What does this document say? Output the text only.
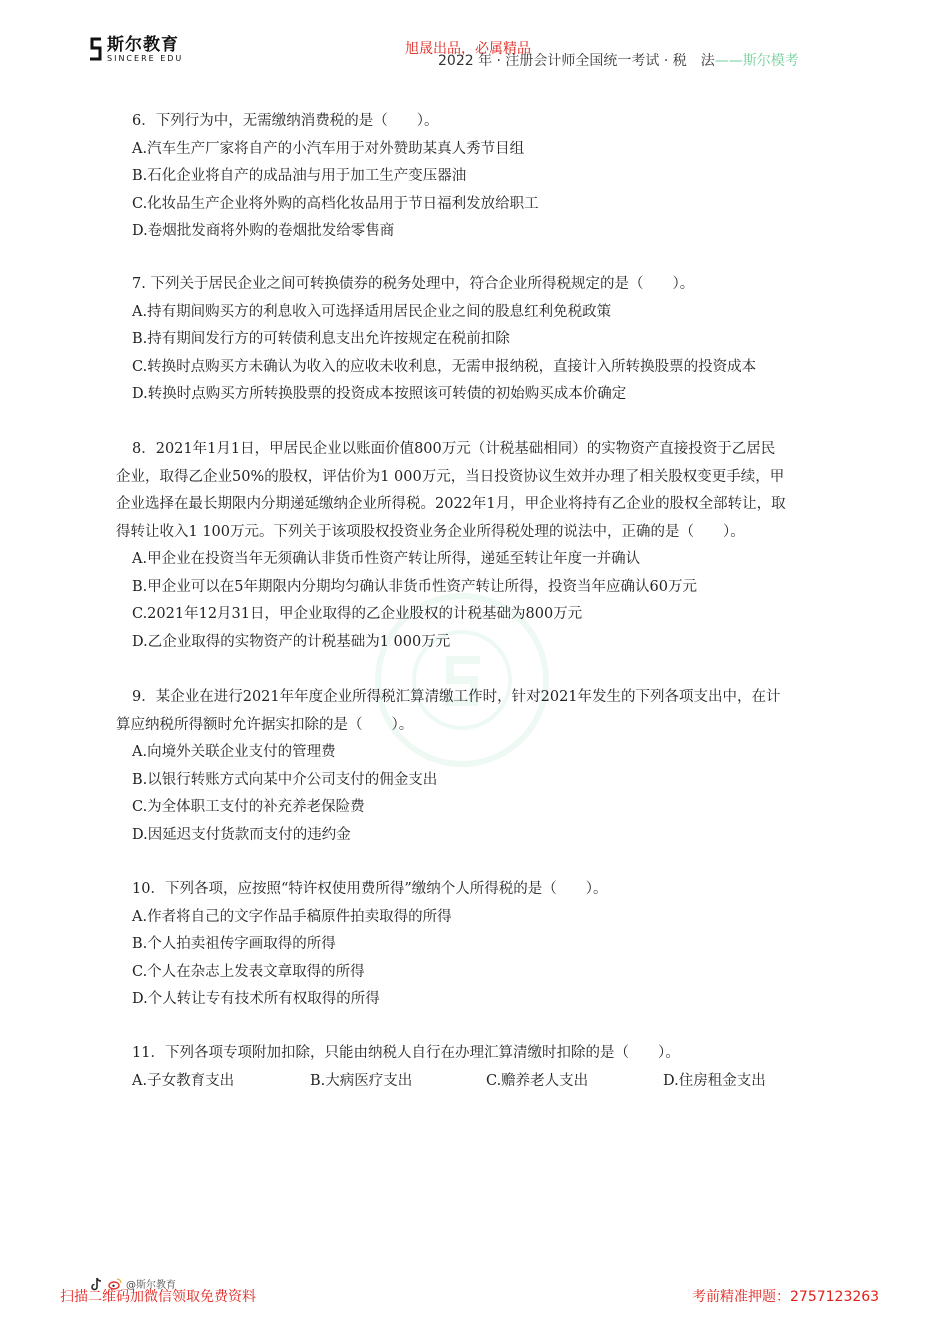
斯尔教育
SINCERE EDU
旭晟出品，必属精品
2022 年 · 注册会计师全国统一考试 · 税　法——斯尔模考
6．下列行为中，无需缴纳消费税的是（　　）。
A.汽车生产厂家将自产的小汽车用于对外赞助某真人秀节目组
B.石化企业将自产的成品油与用于加工生产变压器油
C.化妆品生产企业将外购的高档化妆品用于节日福利发放给职工
D.卷烟批发商将外购的卷烟批发给零售商
7. 下列关于居民企业之间可转换债券的税务处理中，符合企业所得税规定的是（　　）。
A.持有期间购买方的利息收入可选择适用居民企业之间的股息红利免税政策
B.持有期间发行方的可转债利息支出允许按规定在税前扣除
C.转换时点购买方未确认为收入的应收未收利息，无需申报纳税，直接计入所转换股票的投资成本
D.转换时点购买方所转换股票的投资成本按照该可转债的初始购买成本价确定
8．2021年1月1日，甲居民企业以账面价值800万元（计税基础相同）的实物资产直接投资于乙居民
企业，取得乙企业50%的股权，评估价为1 000万元，当日投资协议生效并办理了相关股权变更手续，甲
企业选择在最长期限内分期递延缴纳企业所得税。2022年1月，甲企业将持有乙企业的股权全部转让，取
得转让收入1 100万元。下列关于该项股权投资业务企业所得税处理的说法中，正确的是（　　）。
A.甲企业在投资当年无须确认非货币性资产转让所得，递延至转让年度一并确认
B.甲企业可以在5年期限内分期均匀确认非货币性资产转让所得，投资当年应确认60万元
C.2021年12月31日，甲企业取得的乙企业股权的计税基础为800万元
D.乙企业取得的实物资产的计税基础为1 000万元
9．某企业在进行2021年年度企业所得税汇算清缴工作时，针对2021年发生的下列各项支出中，在计
算应纳税所得额时允许据实扣除的是（　　）。
A.向境外关联企业支付的管理费
B.以银行转账方式向某中介公司支付的佣金支出
C.为全体职工支付的补充养老保险费
D.因延迟支付货款而支付的违约金
10．下列各项，应按照“特许权使用费所得”缴纳个人所得税的是（　　）。
A.作者将自己的文字作品手稿原件拍卖取得的所得
B.个人拍卖祖传字画取得的所得
C.个人在杂志上发表文章取得的所得
D.个人转让专有技术所有权取得的所得
11．下列各项专项附加扣除，只能由纳税人自行在办理汇算清缴时扣除的是（　　）。
A.子女教育支出	B.大病医疗支出	C.赡养老人支出	D.住房租金支出
@斯尔教育
扫描二维码加微信领取免费资料	考前精准押题：2757123263
